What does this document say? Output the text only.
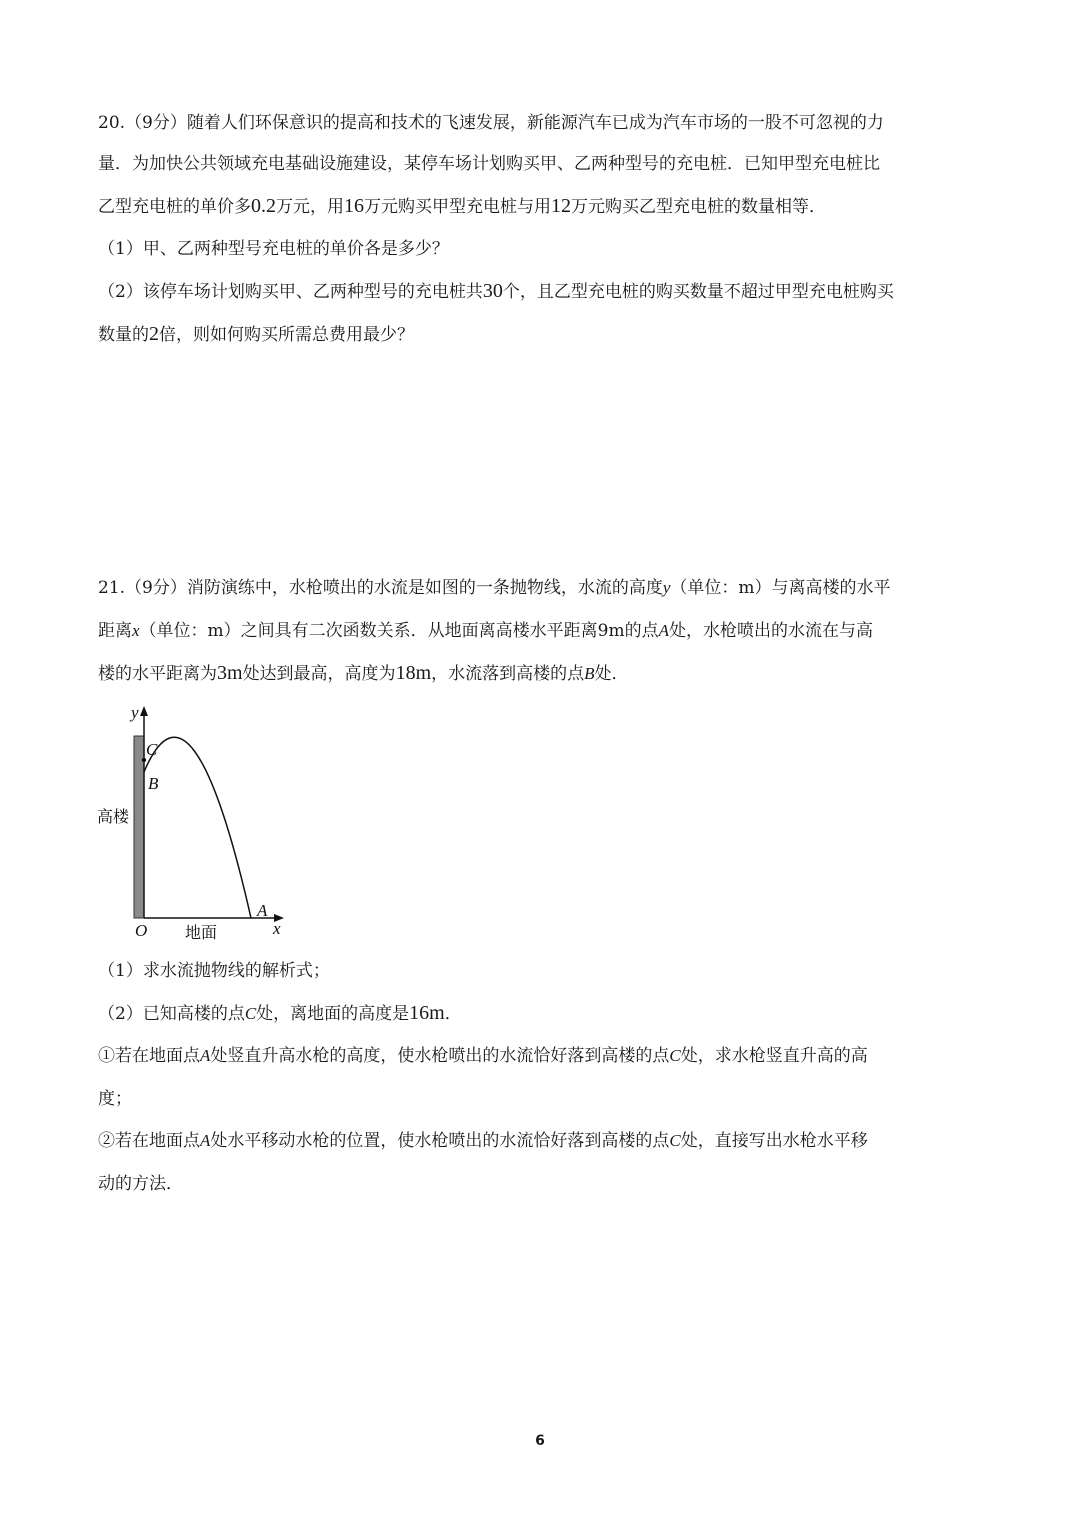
20.（9分）随着人们环保意识的提高和技术的飞速发展，新能源汽车已成为汽车市场的一股不可忽视的力
量．为加快公共领域充电基础设施建设，某停车场计划购买甲、乙两种型号的充电桩．已知甲型充电桩比
乙型充电桩的单价多0.2万元，用16万元购买甲型充电桩与用12万元购买乙型充电桩的数量相等．
（1）甲、乙两种型号充电桩的单价各是多少？
（2）该停车场计划购买甲、乙两种型号的充电桩共30个，且乙型充电桩的购买数量不超过甲型充电桩购买
数量的2倍，则如何购买所需总费用最少？
21.（9分）消防演练中，水枪喷出的水流是如图的一条抛物线，水流的高度y（单位：m）与离高楼的水平
距离x（单位：m）之间具有二次函数关系．从地面离高楼水平距离9m的点A处，水枪喷出的水流在与高
楼的水平距离为3m处达到最高，高度为18m，水流落到高楼的点B处．
y
x
O
高楼
地面
C
B
A
（1）求水流抛物线的解析式；
（2）已知高楼的点C处，离地面的高度是16m．
①若在地面点A处竖直升高水枪的高度，使水枪喷出的水流恰好落到高楼的点C处，求水枪竖直升高的高
度；
②若在地面点A处水平移动水枪的位置，使水枪喷出的水流恰好落到高楼的点C处，直接写出水枪水平移
动的方法．
6
